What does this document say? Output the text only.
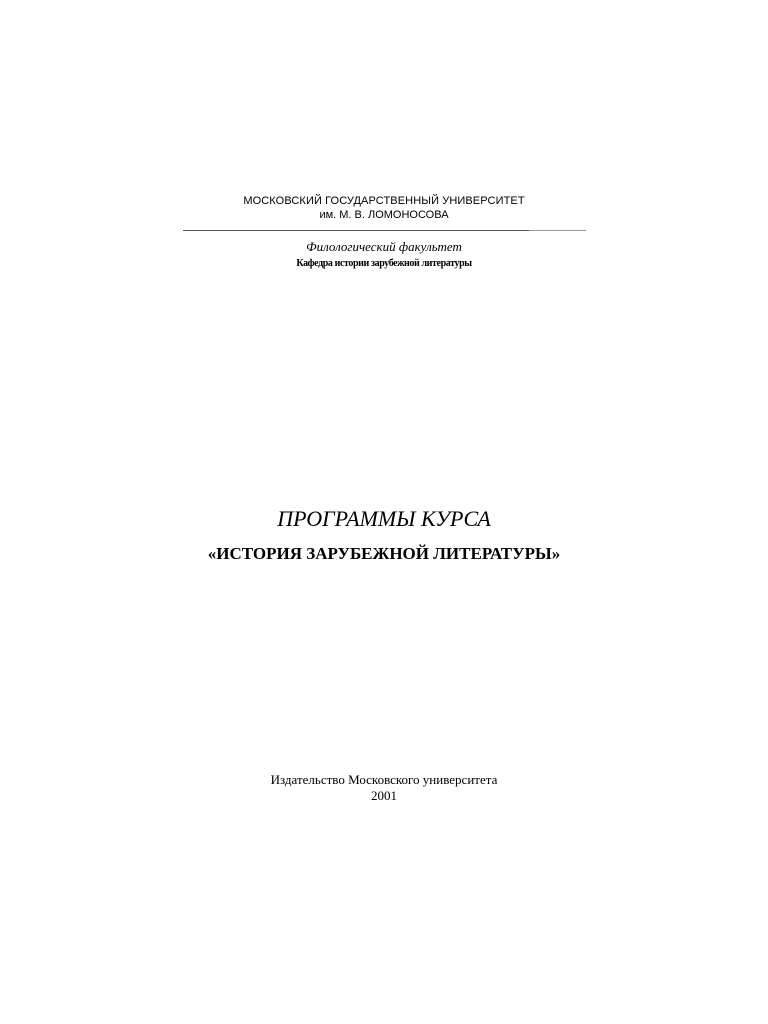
МОСКОВСКИЙ ГОСУДАРСТВЕННЫЙ УНИВЕРСИТЕТ
им. М. В. ЛОМОНОСОВА
Филологический факультет
Кафедра истории зарубежной литературы
ПРОГРАММЫ КУРСА
«ИСТОРИЯ ЗАРУБЕЖНОЙ ЛИТЕРАТУРЫ»
Издательство Московского университета
2001
